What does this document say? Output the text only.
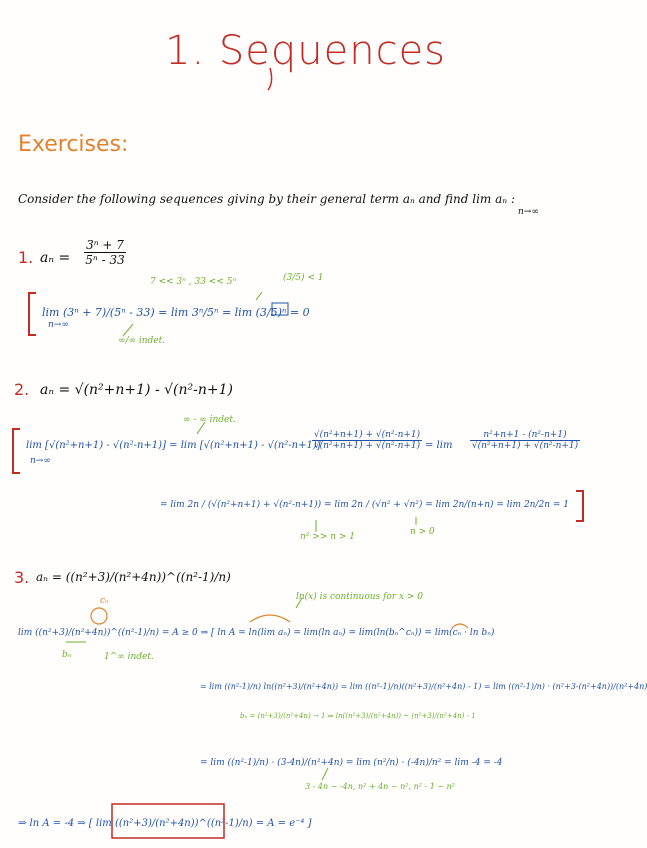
1. Sequences
Exercises:
Consider the following sequences giving by their general term aₙ and find lim aₙ :
n→∞
1. aₙ =
3ⁿ + 7
5ⁿ - 33
7 << 3ⁿ , 33 << 5ⁿ	(3/5) < 1
lim (3ⁿ + 7)/(5ⁿ - 33) = lim 3ⁿ/5ⁿ = lim (3/5)ⁿ = 0
n→∞
∞/∞ indet.
2. aₙ = √(n²+n+1) - √(n²-n+1)
∞ - ∞ indet.
lim [√(n²+n+1) - √(n²-n+1)] = lim [√(n²+n+1) - √(n²-n+1)]
n→∞
√(n²+n+1) + √(n²-n+1)
√(n²+n+1) + √(n²-n+1) = lim
n²+n+1 - (n²-n+1)
√(n²+n+1) + √(n²-n+1)
= lim 2n / (√(n²+n+1) + √(n²-n+1)) = lim 2n / (√n² + √n²) = lim 2n/(n+n) = lim 2n/2n = 1
n² >> n > 1	n > 0
3. aₙ = ((n²+3)/(n²+4n))^((n²-1)/n)
ln(x) is continuous for x > 0
lim ((n²+3)/(n²+4n))^((n²-1)/n) = A ≥ 0 ⇒ [ ln A = ln(lim aₙ) = lim(ln aₙ) = lim(ln(bₙ^cₙ)) = lim(cₙ · ln bₙ)
cₙ
bₙ	1^∞ indet.
= lim ((n²-1)/n) ln((n²+3)/(n²+4n)) = lim ((n²-1)/n)((n²+3)/(n²+4n) - 1) = lim ((n²-1)/n) · (n²+3-(n²+4n))/(n²+4n)
bₙ = (n²+3)/(n²+4n) → 1 ⇒ ln((n²+3)/(n²+4n)) ~ (n²+3)/(n²+4n) - 1
= lim ((n²-1)/n) · (3-4n)/(n²+4n) = lim (n²/n) · (-4n)/n² = lim -4 = -4
3 - 4n ~ -4n, n² + 4n ~ n², n² - 1 ~ n²
⇒ ln A = -4 ⇒ [ lim ((n²+3)/(n²+4n))^((n²-1)/n) = A = e⁻⁴ ]
